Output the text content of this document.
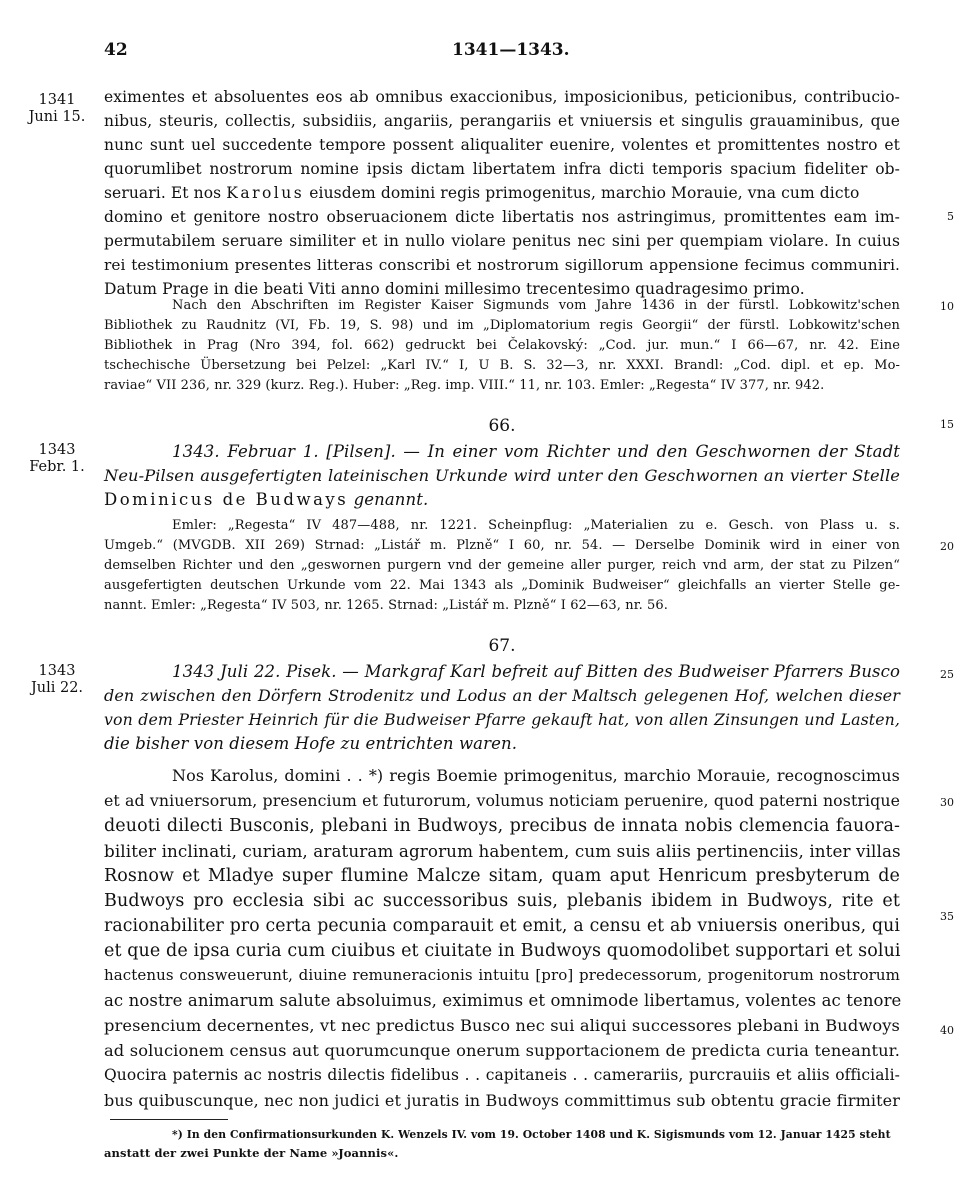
42	1341—1343.
1341
Juni 15.
1343
Febr. 1.
1343
Juli 22.
5
10
15
20
25
30
35
40
eximentes et absoluentes eos ab omnibus exaccionibus, imposicionibus, peticionibus, contribucio-
nibus, steuris, collectis, subsidiis, angariis, perangariis et vniuersis et singulis grauaminibus, que
nunc sunt uel succedente tempore possent aliqualiter euenire, volentes et promittentes nostro et
quorumlibet nostrorum nomine ipsis dictam libertatem infra dicti temporis spacium fideliter ob-
seruari. Et nos Karolus eiusdem domini regis primogenitus, marchio Morauie, vna cum dicto
domino et genitore nostro obseruacionem dicte libertatis nos astringimus, promittentes eam im-
permutabilem seruare similiter et in nullo violare penitus nec sini per quempiam violare. In cuius
rei testimonium presentes litteras conscribi et nostrorum sigillorum appensione fecimus communiri.
Datum Prage in die beati Viti anno domini millesimo trecentesimo quadragesimo primo.
Nach den Abschriften im Register Kaiser Sigmunds vom Jahre 1436 in der fürstl. Lobkowitz'schen
Bibliothek zu Raudnitz (VI, Fb. 19, S. 98) und im „Diplomatorium regis Georgii“ der fürstl. Lobkowitz'schen
Bibliothek in Prag (Nro 394, fol. 662) gedruckt bei Čelakovský: „Cod. jur. mun.“ I 66—67, nr. 42. Eine
tschechische Übersetzung bei Pelzel: „Karl IV.“ I, U B. S. 32—3, nr. XXXI. Brandl: „Cod. dipl. et ep. Mo-
raviae“ VII 236, nr. 329 (kurz. Reg.). Huber: „Reg. imp. VIII.“ 11, nr. 103. Emler: „Regesta“ IV 377, nr. 942.
66.
1343. Februar 1. [Pilsen]. — In einer vom Richter und den Geschwornen der Stadt
Neu-Pilsen ausgefertigten lateinischen Urkunde wird unter den Geschwornen an vierter Stelle
Dominicus de Budways genannt.
Emler: „Regesta“ IV 487—488, nr. 1221. Scheinpflug: „Materialien zu e. Gesch. von Plass u. s.
Umgeb.“ (MVGDB. XII 269) Strnad: „Listář m. Plzně“ I 60, nr. 54. — Derselbe Dominik wird in einer von
demselben Richter und den „geswornen purgern vnd der gemeine aller purger, reich vnd arm, der stat zu Pilzen“
ausgefertigten deutschen Urkunde vom 22. Mai 1343 als „Dominik Budweiser“ gleichfalls an vierter Stelle ge-
nannt. Emler: „Regesta“ IV 503, nr. 1265. Strnad: „Listář m. Plzně“ I 62—63, nr. 56.
67.
1343 Juli 22. Pisek. — Markgraf Karl befreit auf Bitten des Budweiser Pfarrers Busco
den zwischen den Dörfern Strodenitz und Lodus an der Maltsch gelegenen Hof, welchen dieser
von dem Priester Heinrich für die Budweiser Pfarre gekauft hat, von allen Zinsungen und Lasten,
die bisher von diesem Hofe zu entrichten waren.
Nos Karolus, domini . . *) regis Boemie primogenitus, marchio Morauie, recognoscimus
et ad vniuersorum, presencium et futurorum, volumus noticiam peruenire, quod paterni nostrique
deuoti dilecti Busconis, plebani in Budwoys, precibus de innata nobis clemencia fauora-
biliter inclinati, curiam, araturam agrorum habentem, cum suis aliis pertinenciis, inter villas
Rosnow et Mladye super flumine Malcze sitam, quam aput Henricum presbyterum de
Budwoys pro ecclesia sibi ac successoribus suis, plebanis ibidem in Budwoys, rite et
racionabiliter pro certa pecunia comparauit et emit, a censu et ab vniuersis oneribus, qui
et que de ipsa curia cum ciuibus et ciuitate in Budwoys quomodolibet supportari et solui
hactenus consweuerunt, diuine remuneracionis intuitu [pro] predecessorum, progenitorum nostrorum
ac nostre animarum salute absoluimus, eximimus et omnimode libertamus, volentes ac tenore
presencium decernentes, vt nec predictus Busco nec sui aliqui successores plebani in Budwoys
ad solucionem census aut quorumcunque onerum supportacionem de predicta curia teneantur.
Quocira paternis ac nostris dilectis fidelibus . . capitaneis . . camerariis, purcrauiis et aliis officiali-
bus quibuscunque, nec non judici et juratis in Budwoys committimus sub obtentu gracie firmiter
*) In den Confirmationsurkunden K. Wenzels IV. vom 19. October 1408 und K. Sigismunds vom 12. Januar 1425 steht
anstatt der zwei Punkte der Name »Joannis«.
